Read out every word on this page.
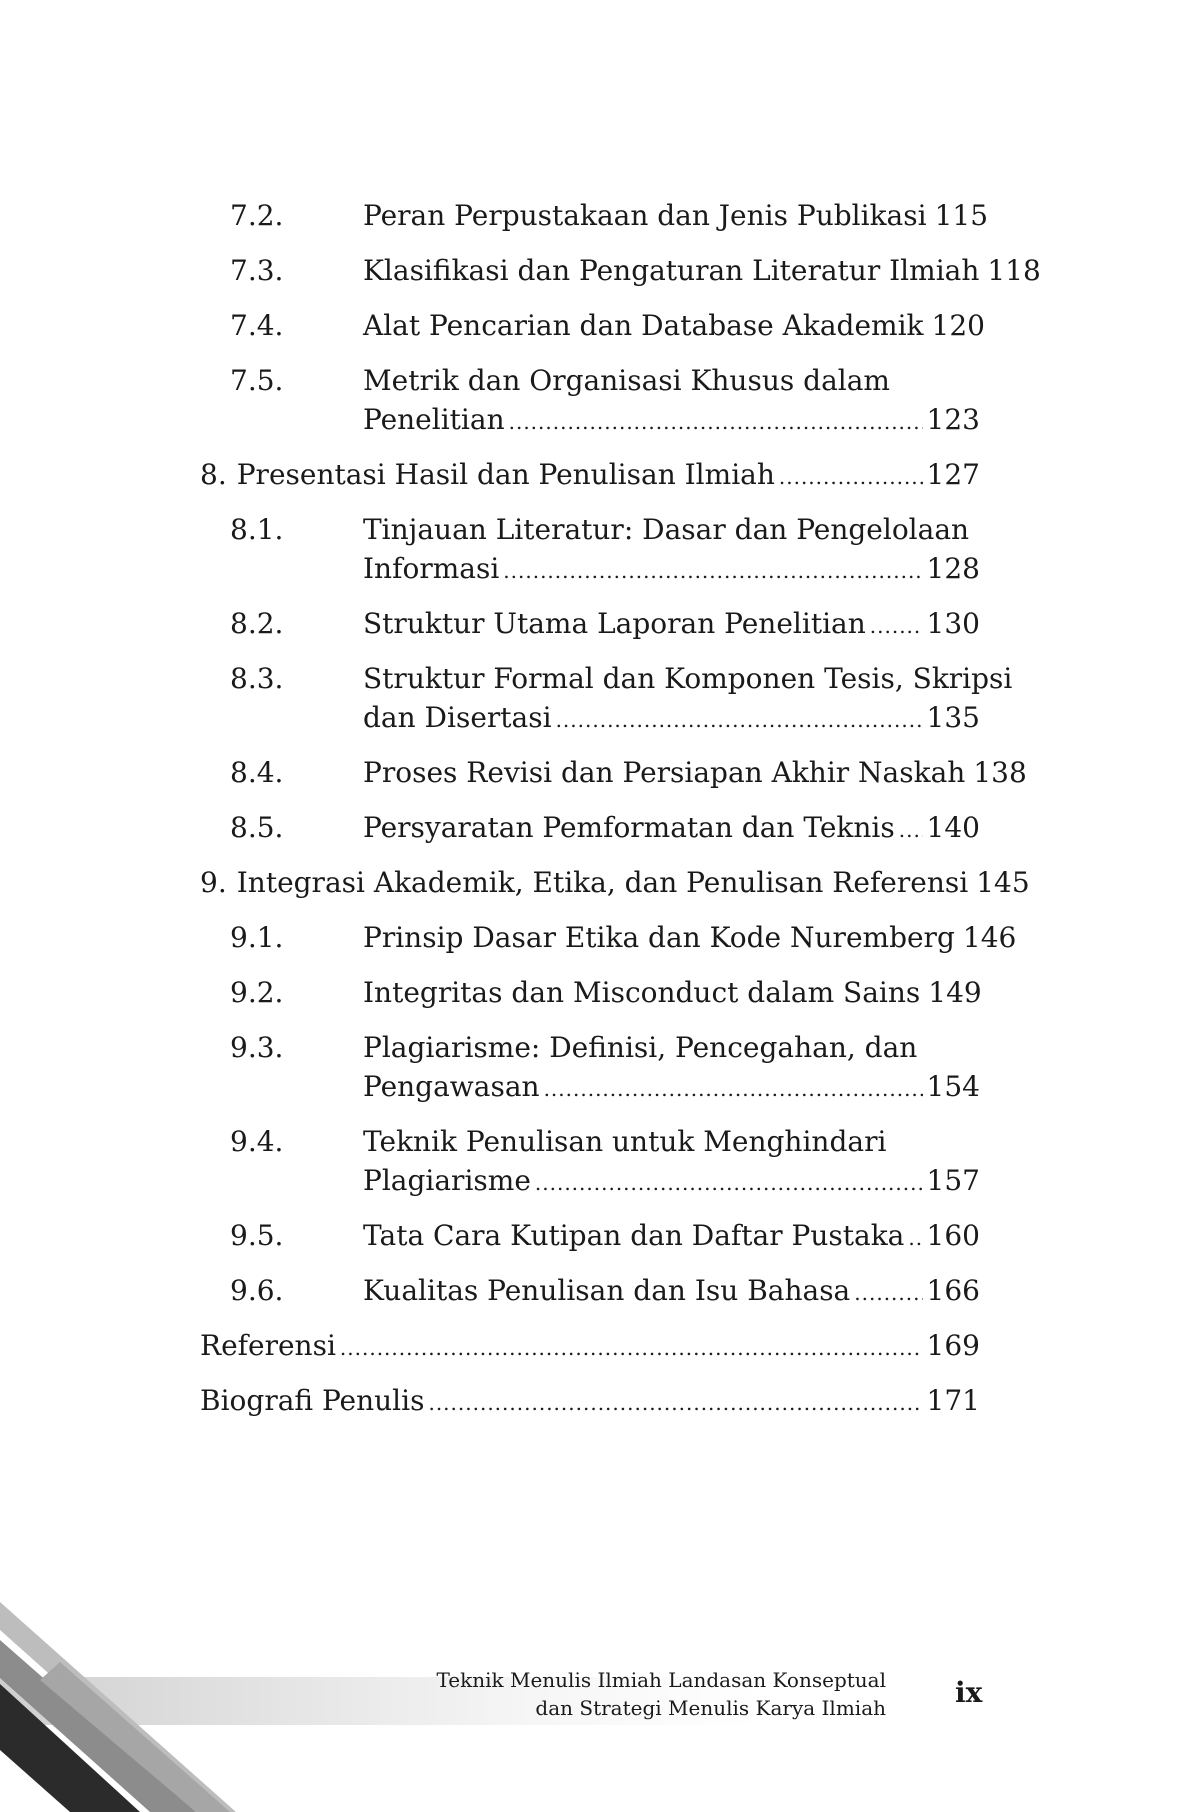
7.2.	Peran Perpustakaan dan Jenis Publikasi 115
7.3.	Klasifikasi dan Pengaturan Literatur Ilmiah 118
7.4.	Alat Pencarian dan Database Akademik 120
7.5.	Metrik dan Organisasi Khusus dalam
Penelitian .....	123
8. Presentasi Hasil dan Penulisan Ilmiah .....	127
8.1.	Tinjauan Literatur: Dasar dan Pengelolaan
Informasi .....	128
8.2.	Struktur Utama Laporan Penelitian ..... 130
8.3.	Struktur Formal dan Komponen Tesis, Skripsi
dan Disertasi .....	135
8.4.	Proses Revisi dan Persiapan Akhir Naskah 138
8.5.	Persyaratan Pemformatan dan Teknis ..... 140
9. Integrasi Akademik, Etika, dan Penulisan Referensi 145
9.1.	Prinsip Dasar Etika dan Kode Nuremberg 146
9.2.	Integritas dan Misconduct dalam Sains 149
9.3.	Plagiarisme: Definisi, Pencegahan, dan
Pengawasan .....	154
9.4.	Teknik Penulisan untuk Menghindari
Plagiarisme .....	157
9.5.	Tata Cara Kutipan dan Daftar Pustaka ..... 160
9.6.	Kualitas Penulisan dan Isu Bahasa .....	166
Referensi .....	169
Biografi Penulis .....	171
Teknik Menulis Ilmiah Landasan Konseptual
dan Strategi Menulis Karya Ilmiah ix
